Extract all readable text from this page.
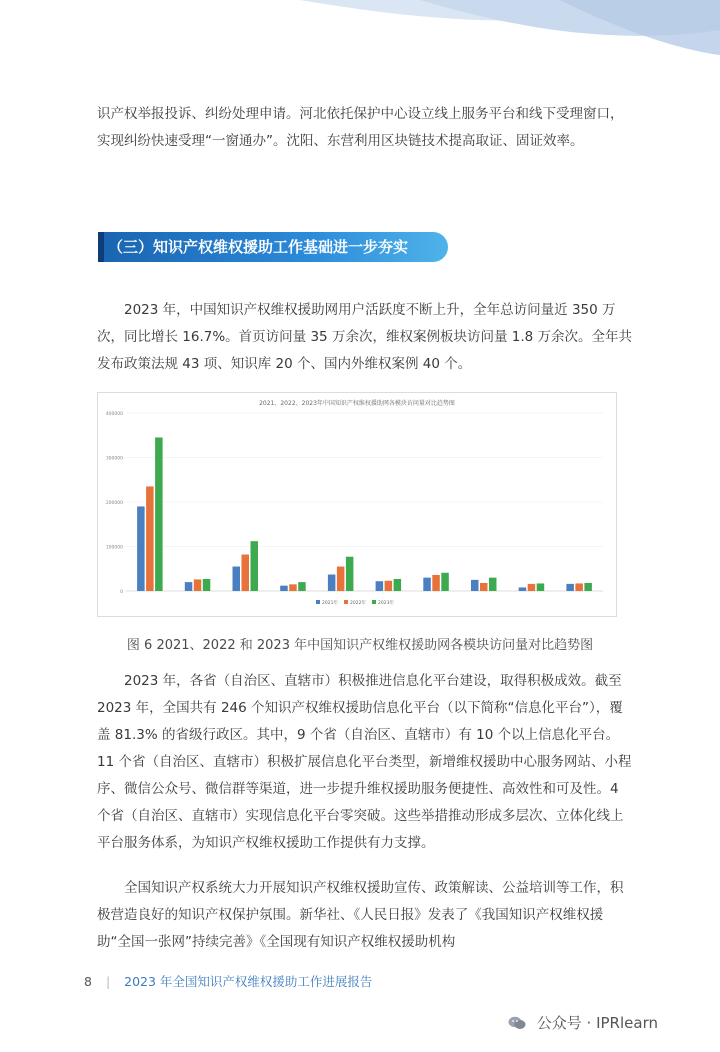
识产权举报投诉、纠纷处理申请。河北依托保护中心设立线上服务平台和线下受理窗口，实现纠纷快速受理“一窗通办”。沈阳、东营利用区块链技术提高取证、固证效率。
（三）知识产权维权援助工作基础进一步夯实
2023 年，中国知识产权维权援助网用户活跃度不断上升，全年总访问量近 350 万次，同比增长 16.7%。首页访问量 35 万余次，维权案例板块访问量 1.8 万余次。全年共发布政策法规 43 项、知识库 20 个、国内外维权案例 40 个。
2021、2022、2023年中国知识产权维权援助网各模块访问量对比趋势图
0
100000
200000
300000
400000
2021年	2022年	2023年
图 6 2021、2022 和 2023 年中国知识产权维权援助网各模块访问量对比趋势图
2023 年，各省（自治区、直辖市）积极推进信息化平台建设，取得积极成效。截至 2023 年，全国共有 246 个知识产权维权援助信息化平台（以下简称“信息化平台”），覆盖 81.3% 的省级行政区。其中，9 个省（自治区、直辖市）有 10 个以上信息化平台。11 个省（自治区、直辖市）积极扩展信息化平台类型，新增维权援助中心服务网站、小程序、微信公众号、微信群等渠道，进一步提升维权援助服务便捷性、高效性和可及性。4 个省（自治区、直辖市）实现信息化平台零突破。这些举措推动形成多层次、立体化线上平台服务体系，为知识产权维权援助工作提供有力支撑。
全国知识产权系统大力开展知识产权维权援助宣传、政策解读、公益培训等工作，积极营造良好的知识产权保护氛围。新华社、《人民日报》发表了《我国知识产权维权援助“全国一张网”持续完善》《全国现有知识产权维权援助机构
8 | 2023 年全国知识产权维权援助工作进展报告
公众号 · IPRlearn
